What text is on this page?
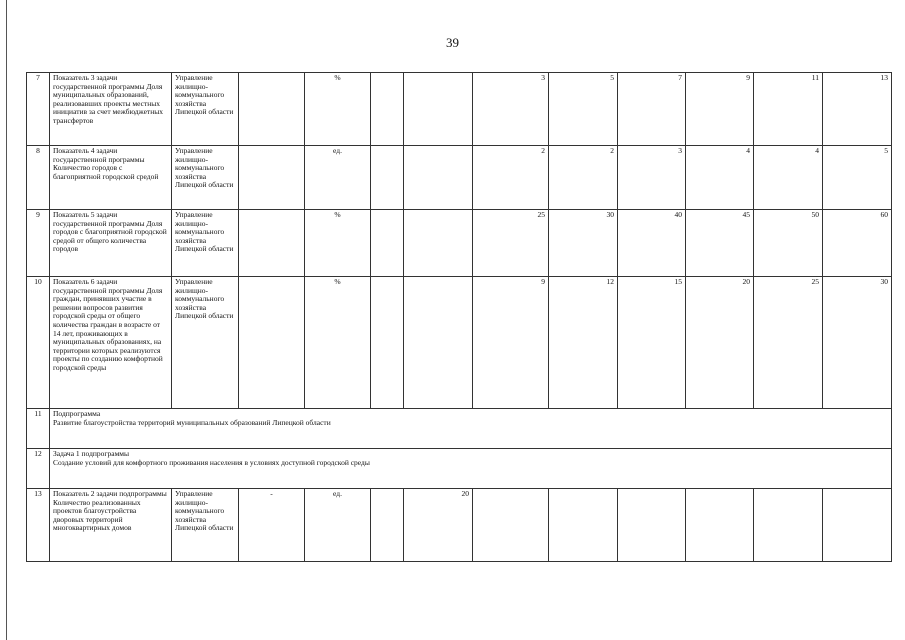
39
7	Показатель 3 задачи государственной программы Доля муниципальных образований, реализовавших проекты местных инициатив за счет межбюджетных трансфертов	Управление жилищно-коммунального хозяйства Липецкой области		%			3	5	7	9	11	13
8	Показатель 4 задачи государственной программы Количество городов с благоприятной городской средой	Управление жилищно-коммунального хозяйства Липецкой области		ед.			2	2	3	4	4	5
9	Показатель 5 задачи государственной программы Доля городов с благоприятной городской средой от общего количества городов	Управление жилищно-коммунального хозяйства Липецкой области		%			25	30	40	45	50	60
10	Показатель 6 задачи государственной программы Доля граждан, принявших участие в решении вопросов развития городской среды от общего количества граждан в возрасте от 14 лет, проживающих в муниципальных образованиях, на территории которых реализуются проекты по созданию комфортной городской среды	Управление жилищно-коммунального хозяйства Липецкой области		%			9	12	15	20	25	30
11	Подпрограмма
Развитие благоустройства территорий муниципальных образований Липецкой области											

12	Задача 1 подпрограммы
Создание условий для комфортного проживания населения в условиях доступной городской среды											

13	Показатель 2 задачи подпрограммы Количество реализованных проектов благоустройства дворовых территорий многоквартирных домов	Управление жилищно-коммунального хозяйства Липецкой области	-	ед.		20						
